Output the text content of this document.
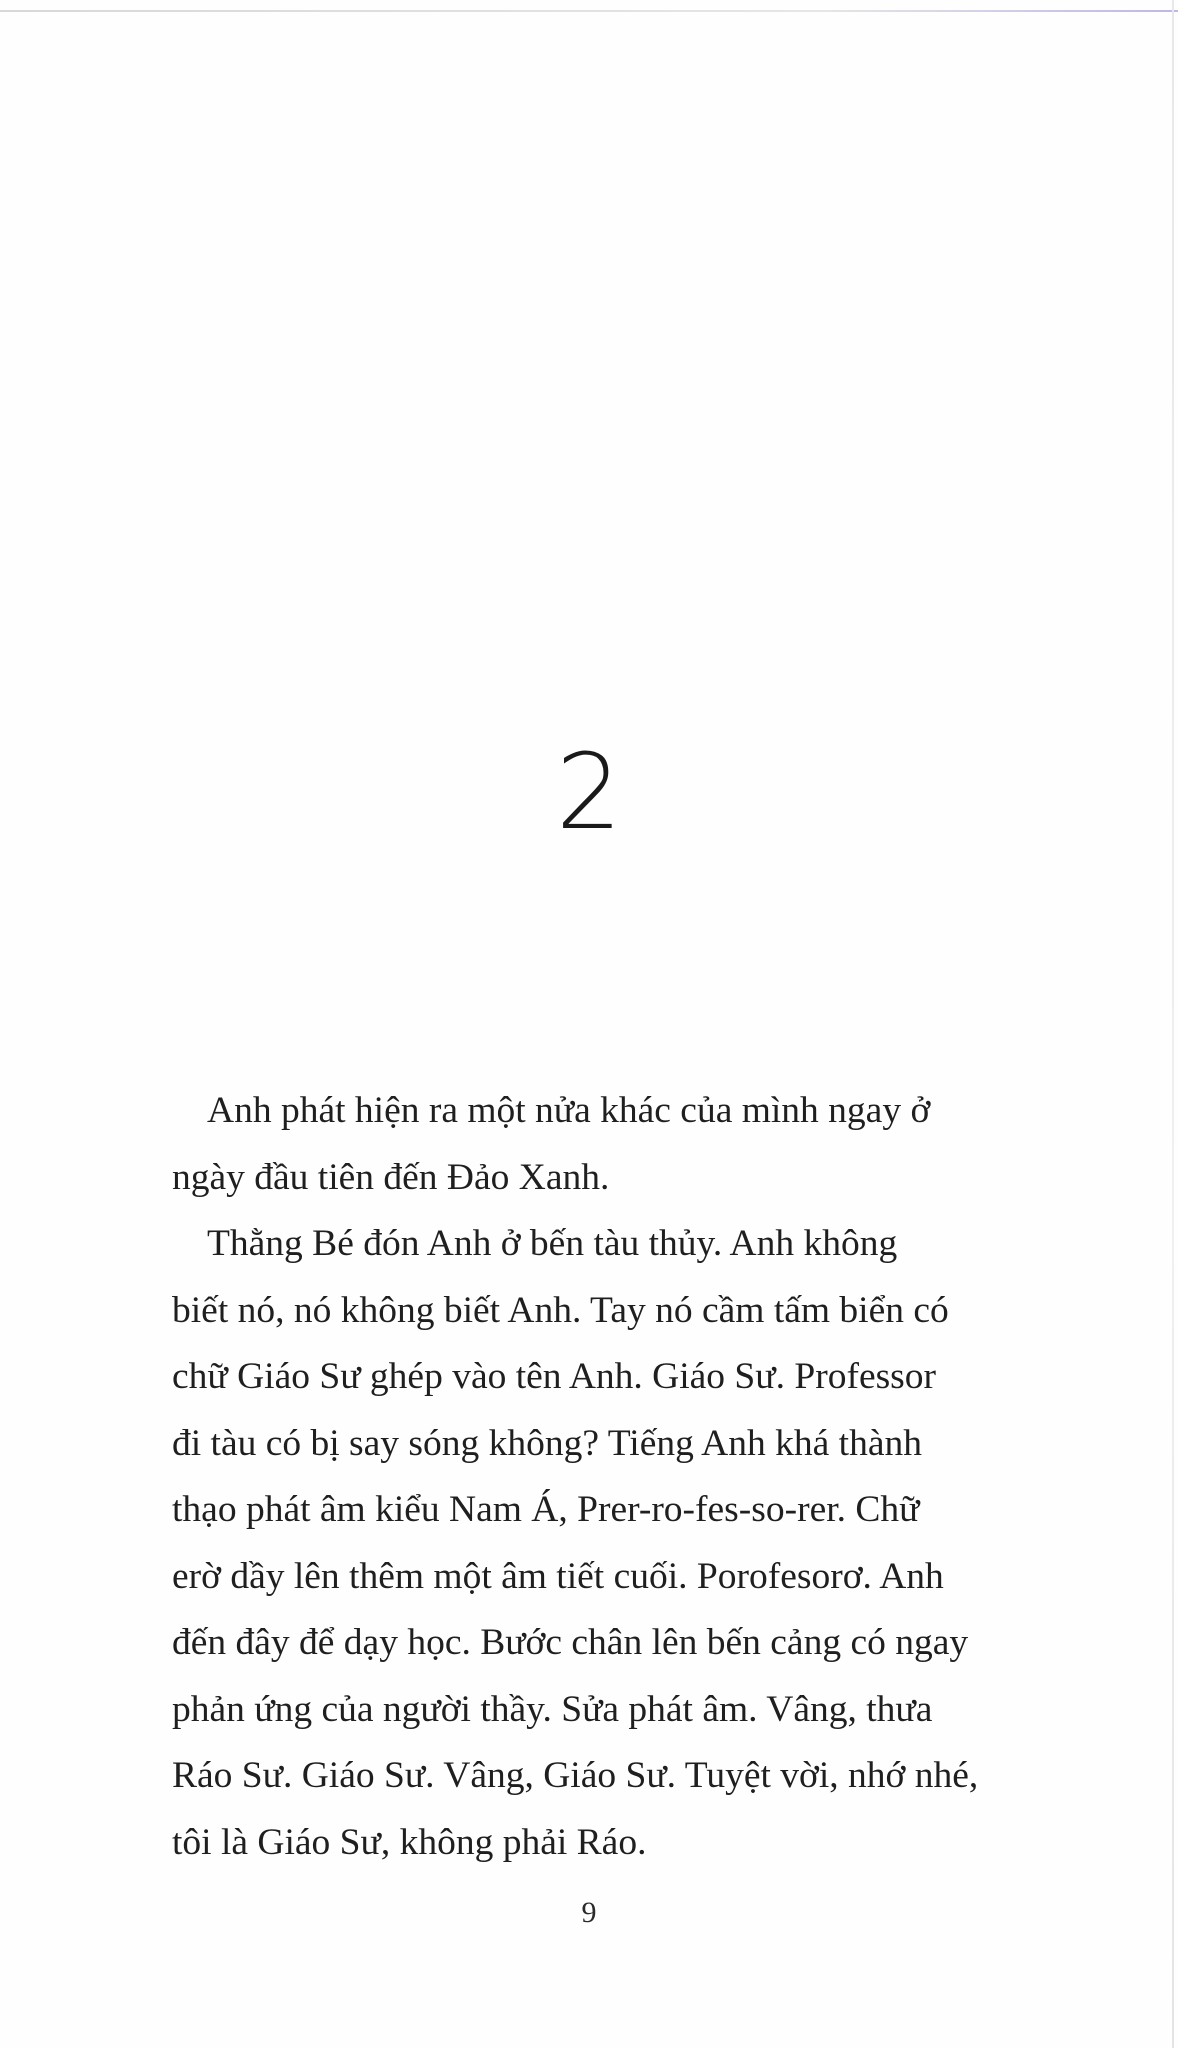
2

Anh phát hiện ra một nửa khác của mình ngay ở
ngày đầu tiên đến Đảo Xanh.

Thằng Bé đón Anh ở bến tàu thủy. Anh không
biết nó, nó không biết Anh. Tay nó cầm tấm biển có
chữ Giáo Sư ghép vào tên Anh. Giáo Sư. Professor
đi tàu có bị say sóng không? Tiếng Anh khá thành
thạo phát âm kiểu Nam Á, Prer-ro-fes-so-rer. Chữ
erờ dầy lên thêm một âm tiết cuối. Porofesorơ. Anh
đến đây để dạy học. Bước chân lên bến cảng có ngay
phản ứng của người thầy. Sửa phát âm. Vâng, thưa
Ráo Sư. Giáo Sư. Vâng, Giáo Sư. Tuyệt vời, nhớ nhé,
tôi là Giáo Sư, không phải Ráo.

9
